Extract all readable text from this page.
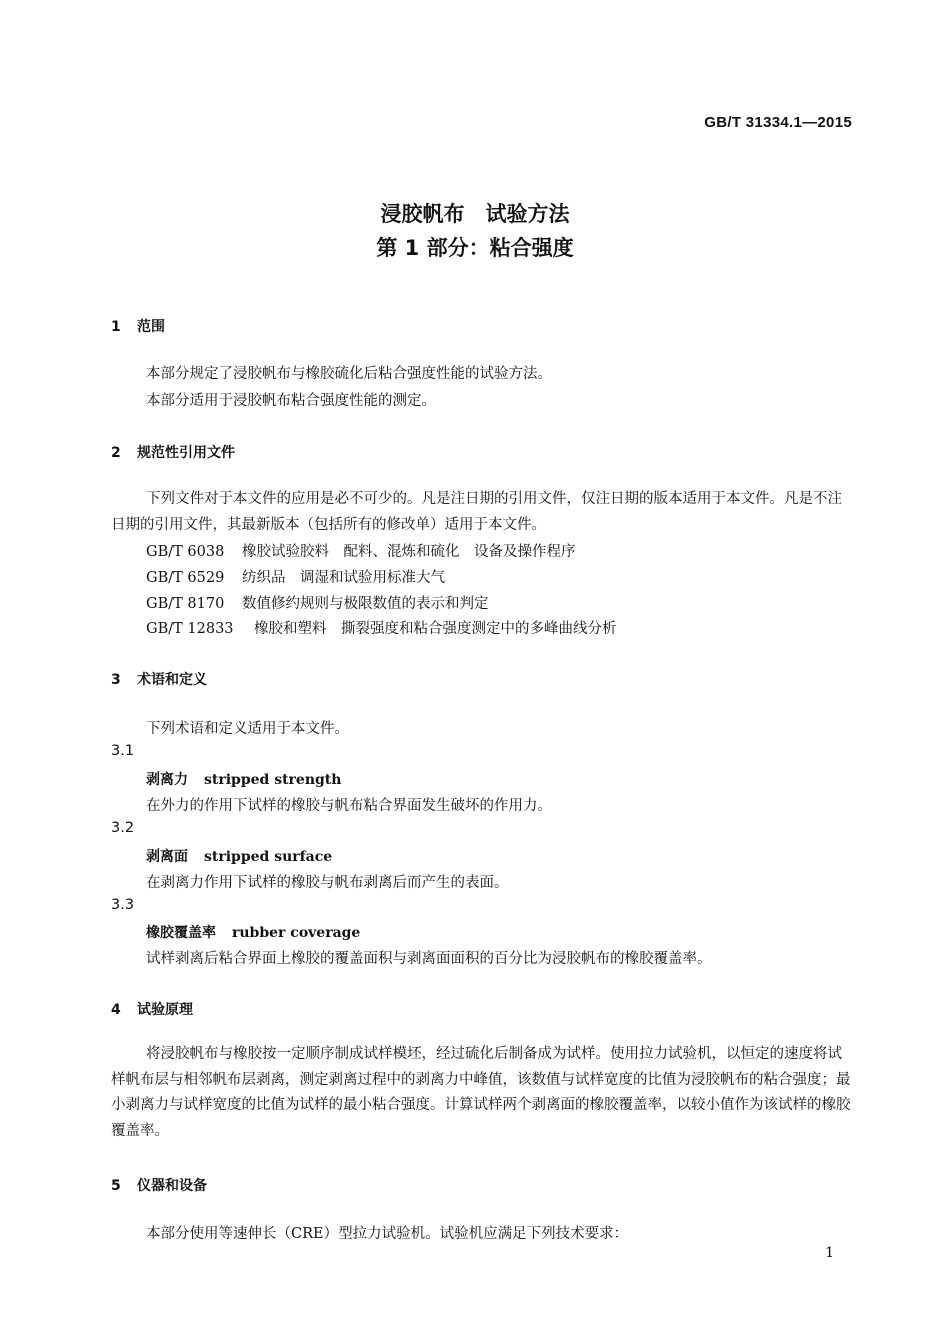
GB/T 31334.1—2015
浸胶帆布　试验方法
第 1 部分：粘合强度
1 范围
本部分规定了浸胶帆布与橡胶硫化后粘合强度性能的试验方法。
本部分适用于浸胶帆布粘合强度性能的测定。
2 规范性引用文件
下列文件对于本文件的应用是必不可少的。凡是注日期的引用文件，仅注日期的版本适用于本文件。凡是不注日期的引用文件，其最新版本（包括所有的修改单）适用于本文件。
GB/T 6038 橡胶试验胶料　配料、混炼和硫化　设备及操作程序
GB/T 6529 纺织品　调湿和试验用标准大气
GB/T 8170 数值修约规则与极限数值的表示和判定
GB/T 12833 橡胶和塑料　撕裂强度和粘合强度测定中的多峰曲线分析
3 术语和定义
下列术语和定义适用于本文件。
3.1
剥离力 stripped strength
在外力的作用下试样的橡胶与帆布粘合界面发生破坏的作用力。
3.2
剥离面 stripped surface
在剥离力作用下试样的橡胶与帆布剥离后而产生的表面。
3.3
橡胶覆盖率 rubber coverage
试样剥离后粘合界面上橡胶的覆盖面积与剥离面面积的百分比为浸胶帆布的橡胶覆盖率。
4 试验原理
将浸胶帆布与橡胶按一定顺序制成试样模坯，经过硫化后制备成为试样。使用拉力试验机，以恒定的速度将试样帆布层与相邻帆布层剥离，测定剥离过程中的剥离力中峰值，该数值与试样宽度的比值为浸胶帆布的粘合强度；最小剥离力与试样宽度的比值为试样的最小粘合强度。计算试样两个剥离面的橡胶覆盖率，以较小值作为该试样的橡胶覆盖率。
5 仪器和设备
本部分使用等速伸长（CRE）型拉力试验机。试验机应满足下列技术要求：
1
